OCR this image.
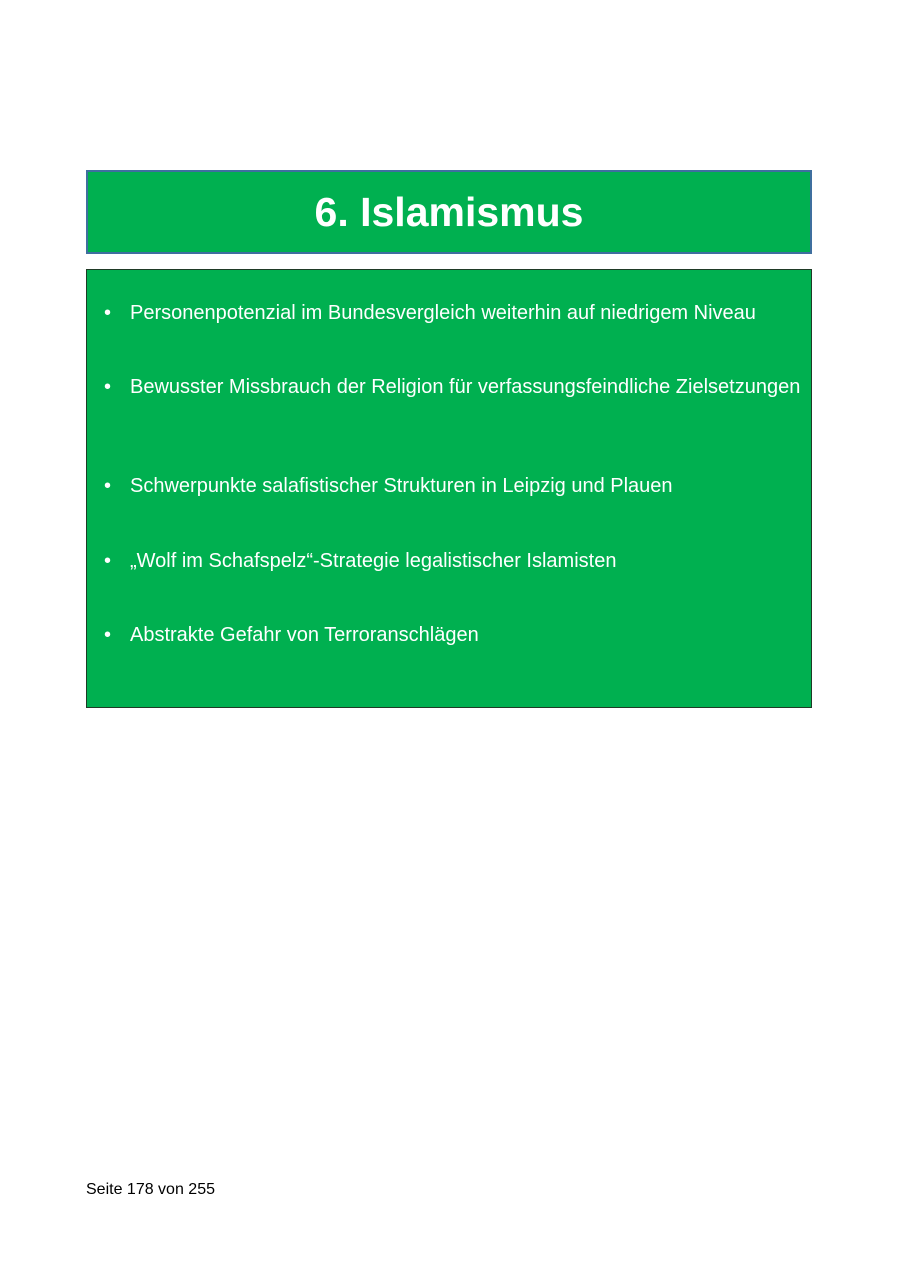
6. Islamismus
• Personenpotenzial im Bundesvergleich weiterhin auf niedrigem Niveau
• Bewusster Missbrauch der Religion für verfassungsfeindliche Zielsetzungen
• Schwerpunkte salafistischer Strukturen in Leipzig und Plauen
• „Wolf im Schafspelz“-Strategie legalistischer Islamisten
• Abstrakte Gefahr von Terroranschlägen
Seite 178 von 255
